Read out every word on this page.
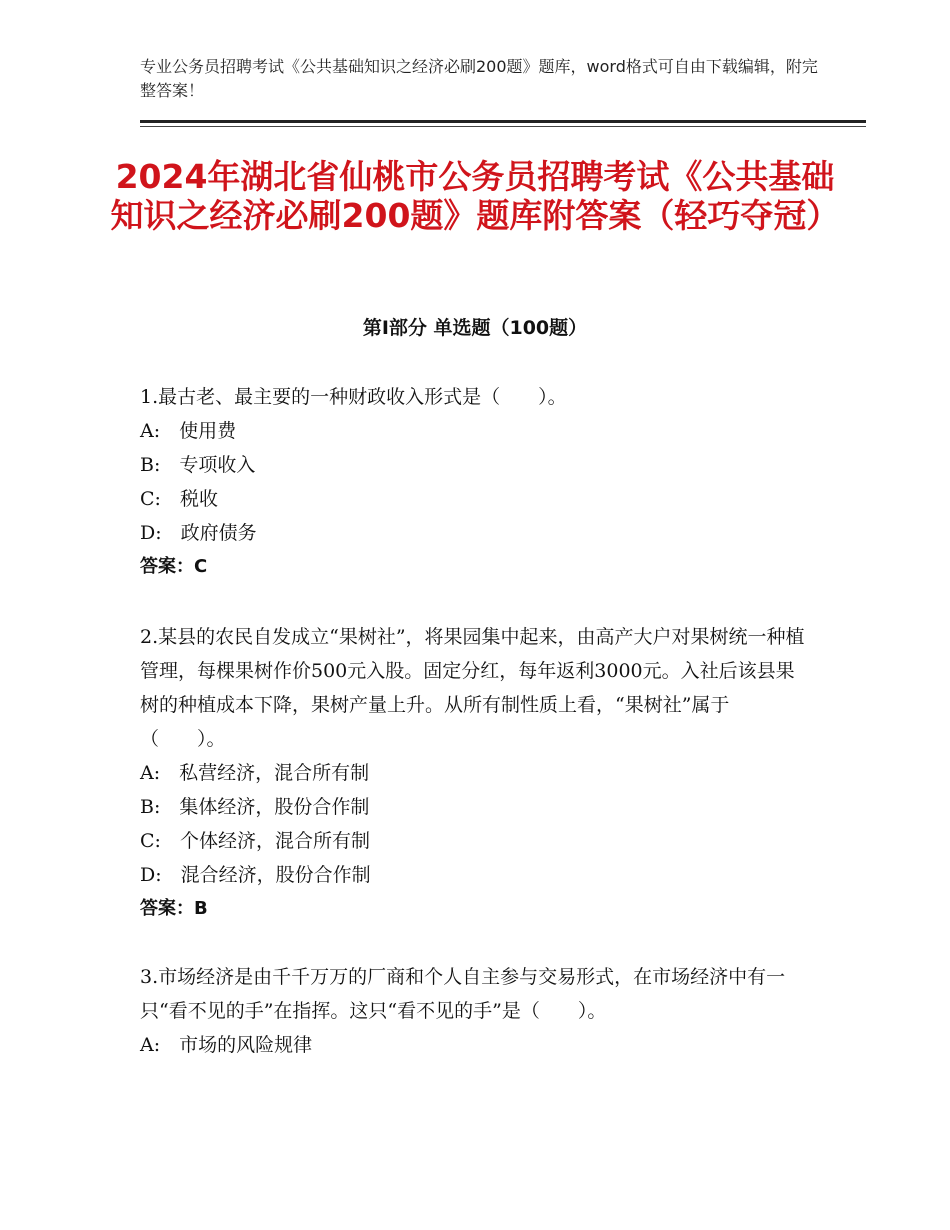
专业公务员招聘考试《公共基础知识之经济必刷200题》题库，word格式可自由下载编辑，附完整答案！
2024年湖北省仙桃市公务员招聘考试《公共基础知识之经济必刷200题》题库附答案（轻巧夺冠）
第Ⅰ部分 单选题（100题）

1.最古老、最主要的一种财政收入形式是（　　）。

A:　使用费

B:　专项收入

C:　税收

D:　政府债务

答案：C

2.某县的农民自发成立“果树社”，将果园集中起来，由高产大户对果树统一种植管理，每棵果树作价500元入股。固定分红，每年返利3000元。入社后该县果树的种植成本下降，果树产量上升。从所有制性质上看，“果树社”属于（　　）。

A:　私营经济，混合所有制

B:　集体经济，股份合作制

C:　个体经济，混合所有制

D:　混合经济，股份合作制

答案：B

3.市场经济是由千千万万的厂商和个人自主参与交易形式，在市场经济中有一只“看不见的手”在指挥。这只“看不见的手”是（　　）。

A:　市场的风险规律
